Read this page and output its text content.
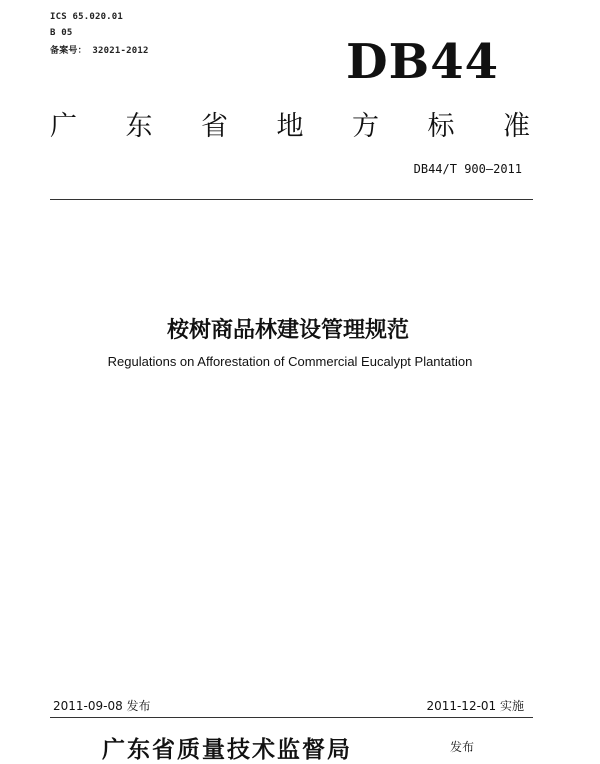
ICS 65.020.01
B 05
备案号： 32021-2012	DB44
广 东 省 地 方 标 准
DB44/T 900—2011
桉树商品林建设管理规范
Regulations on Afforestation of Commercial Eucalypt Plantation
2011-09-08 发布	2011-12-01 实施
广东省质量技术监督局	发布
